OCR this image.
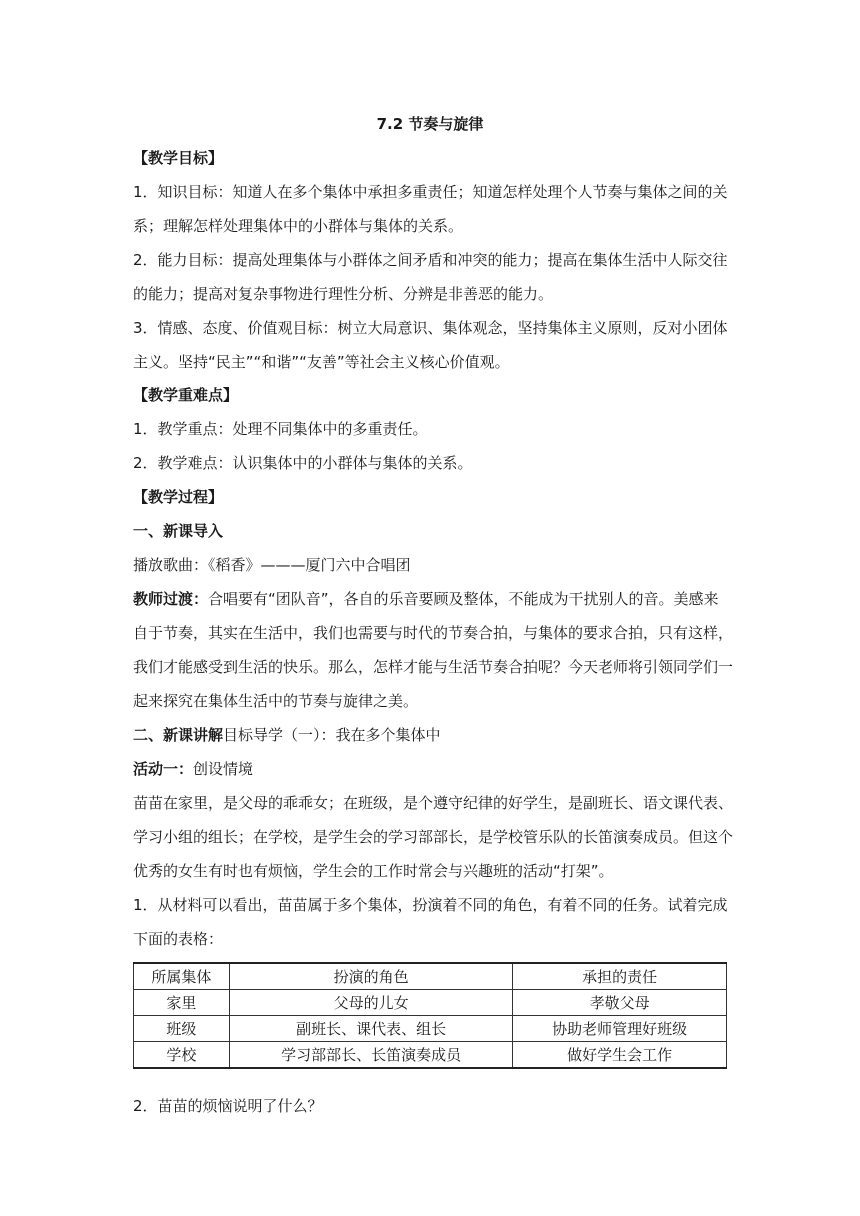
7.2 节奏与旋律
【教学目标】
1．知识目标：知道人在多个集体中承担多重责任；知道怎样处理个人节奏与集体之间的关
系；理解怎样处理集体中的小群体与集体的关系。
2．能力目标：提高处理集体与小群体之间矛盾和冲突的能力；提高在集体生活中人际交往
的能力；提高对复杂事物进行理性分析、分辨是非善恶的能力。
3．情感、态度、价值观目标：树立大局意识、集体观念，坚持集体主义原则，反对小团体
主义。坚持“民主”“和谐”“友善”等社会主义核心价值观。
【教学重难点】
1．教学重点：处理不同集体中的多重责任。
2．教学难点：认识集体中的小群体与集体的关系。
【教学过程】
一、新课导入
播放歌曲：《稻香》———厦门六中合唱团
教师过渡：合唱要有“团队音”，各自的乐音要顾及整体，不能成为干扰别人的音。美感来
自于节奏，其实在生活中，我们也需要与时代的节奏合拍，与集体的要求合拍，只有这样，
我们才能感受到生活的快乐。那么，怎样才能与生活节奏合拍呢？今天老师将引领同学们一
起来探究在集体生活中的节奏与旋律之美。
二、新课讲解目标导学（一）：我在多个集体中
活动一：创设情境
苗苗在家里，是父母的乖乖女；在班级，是个遵守纪律的好学生，是副班长、语文课代表、
学习小组的组长；在学校，是学生会的学习部部长，是学校管乐队的长笛演奏成员。但这个
优秀的女生有时也有烦恼，学生会的工作时常会与兴趣班的活动“打架”。
1．从材料可以看出，苗苗属于多个集体，扮演着不同的角色，有着不同的任务。试着完成
下面的表格：
所属集体	扮演的角色	承担的责任
家里	父母的儿女	孝敬父母
班级	副班长、课代表、组长	协助老师管理好班级
学校	学习部部长、长笛演奏成员	做好学生会工作
2．苗苗的烦恼说明了什么？
